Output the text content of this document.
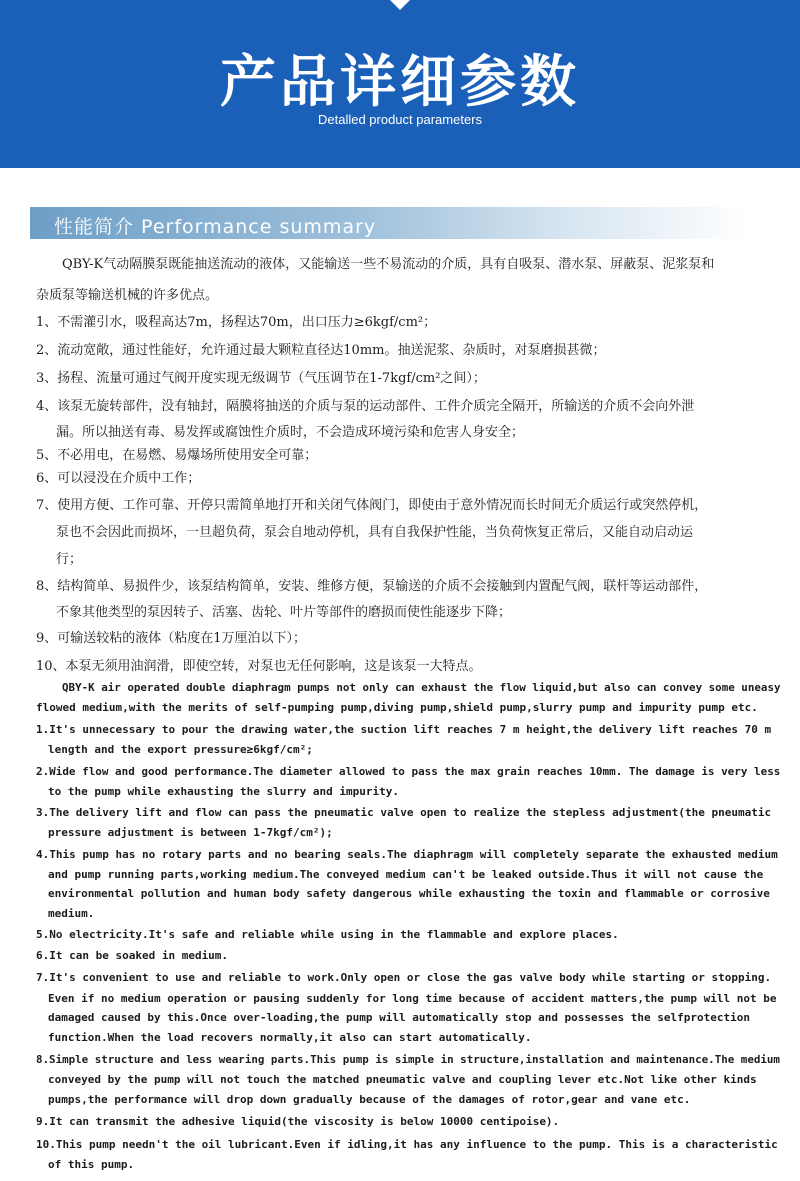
产品详细参数
Detalled product parameters
性能简介 Performance summary
QBY-K气动隔膜泵既能抽送流动的液体，又能输送一些不易流动的介质，具有自吸泵、潜水泵、屏蔽泵、泥浆泵和
杂质泵等输送机械的许多优点。
1、不需灌引水，吸程高达7m，扬程达70m，出口压力≥6kgf/cm²；
2、流动宽敞，通过性能好，允许通过最大颗粒直径达10mm。抽送泥浆、杂质时，对泵磨损甚微；
3、扬程、流量可通过气阀开度实现无级调节（气压调节在1-7kgf/cm²之间）；
4、该泵无旋转部件，没有轴封，隔膜将抽送的介质与泵的运动部件、工件介质完全隔开，所输送的介质不会向外泄
漏。所以抽送有毒、易发挥或腐蚀性介质时，不会造成环境污染和危害人身安全；
5、不必用电，在易燃、易爆场所使用安全可靠；
6、可以浸没在介质中工作；
7、使用方便、工作可靠、开停只需简单地打开和关闭气体阀门，即使由于意外情况而长时间无介质运行或突然停机，
泵也不会因此而损坏，一旦超负荷，泵会自地动停机，具有自我保护性能，当负荷恢复正常后，又能自动启动运
行；
8、结构简单、易损件少，该泵结构简单，安装、维修方便，泵输送的介质不会接触到内置配气阀，联杆等运动部件，
不象其他类型的泵因转子、活塞、齿轮、叶片等部件的磨损而使性能逐步下降；
9、可输送较粘的液体（粘度在1万厘泊以下）；
10、本泵无须用油润滑，即使空转，对泵也无任何影响，这是该泵一大特点。
QBY-K air operated double diaphragm pumps not only can exhaust the flow liquid,but also can convey some uneasy
flowed medium,with the merits of self-pumping pump,diving pump,shield pump,slurry pump and impurity pump etc.
1.It's unnecessary to pour the drawing water,the suction lift reaches 7 m height,the delivery lift reaches 70 m
length and the export pressure≥6kgf/cm²;
2.Wide flow and good performance.The diameter allowed to pass the max grain reaches 10mm. The damage is very less
to the pump while exhausting the slurry and impurity.
3.The delivery lift and flow can pass the pneumatic valve open to realize the stepless adjustment(the pneumatic
pressure adjustment is between 1-7kgf/cm²);
4.This pump has no rotary parts and no bearing seals.The diaphragm will completely separate the exhausted medium
and pump running parts,working medium.The conveyed medium can't be leaked outside.Thus it will not cause the
environmental pollution and human body safety dangerous while exhausting the toxin and flammable or corrosive
medium.
5.No electricity.It's safe and reliable while using in the flammable and explore places.
6.It can be soaked in medium.
7.It's convenient to use and reliable to work.Only open or close the gas valve body while starting or stopping.
Even if no medium operation or pausing suddenly for long time because of accident matters,the pump will not be
damaged caused by this.Once over-loading,the pump will automatically stop and possesses the selfprotection
function.When the load recovers normally,it also can start automatically.
8.Simple structure and less wearing parts.This pump is simple in structure,installation and maintenance.The medium
conveyed by the pump will not touch the matched pneumatic valve and coupling lever etc.Not like other kinds
pumps,the performance will drop down gradually because of the damages of rotor,gear and vane etc.
9.It can transmit the adhesive liquid(the viscosity is below 10000 centipoise).
10.This pump needn't the oil lubricant.Even if idling,it has any influence to the pump. This is a characteristic
of this pump.
